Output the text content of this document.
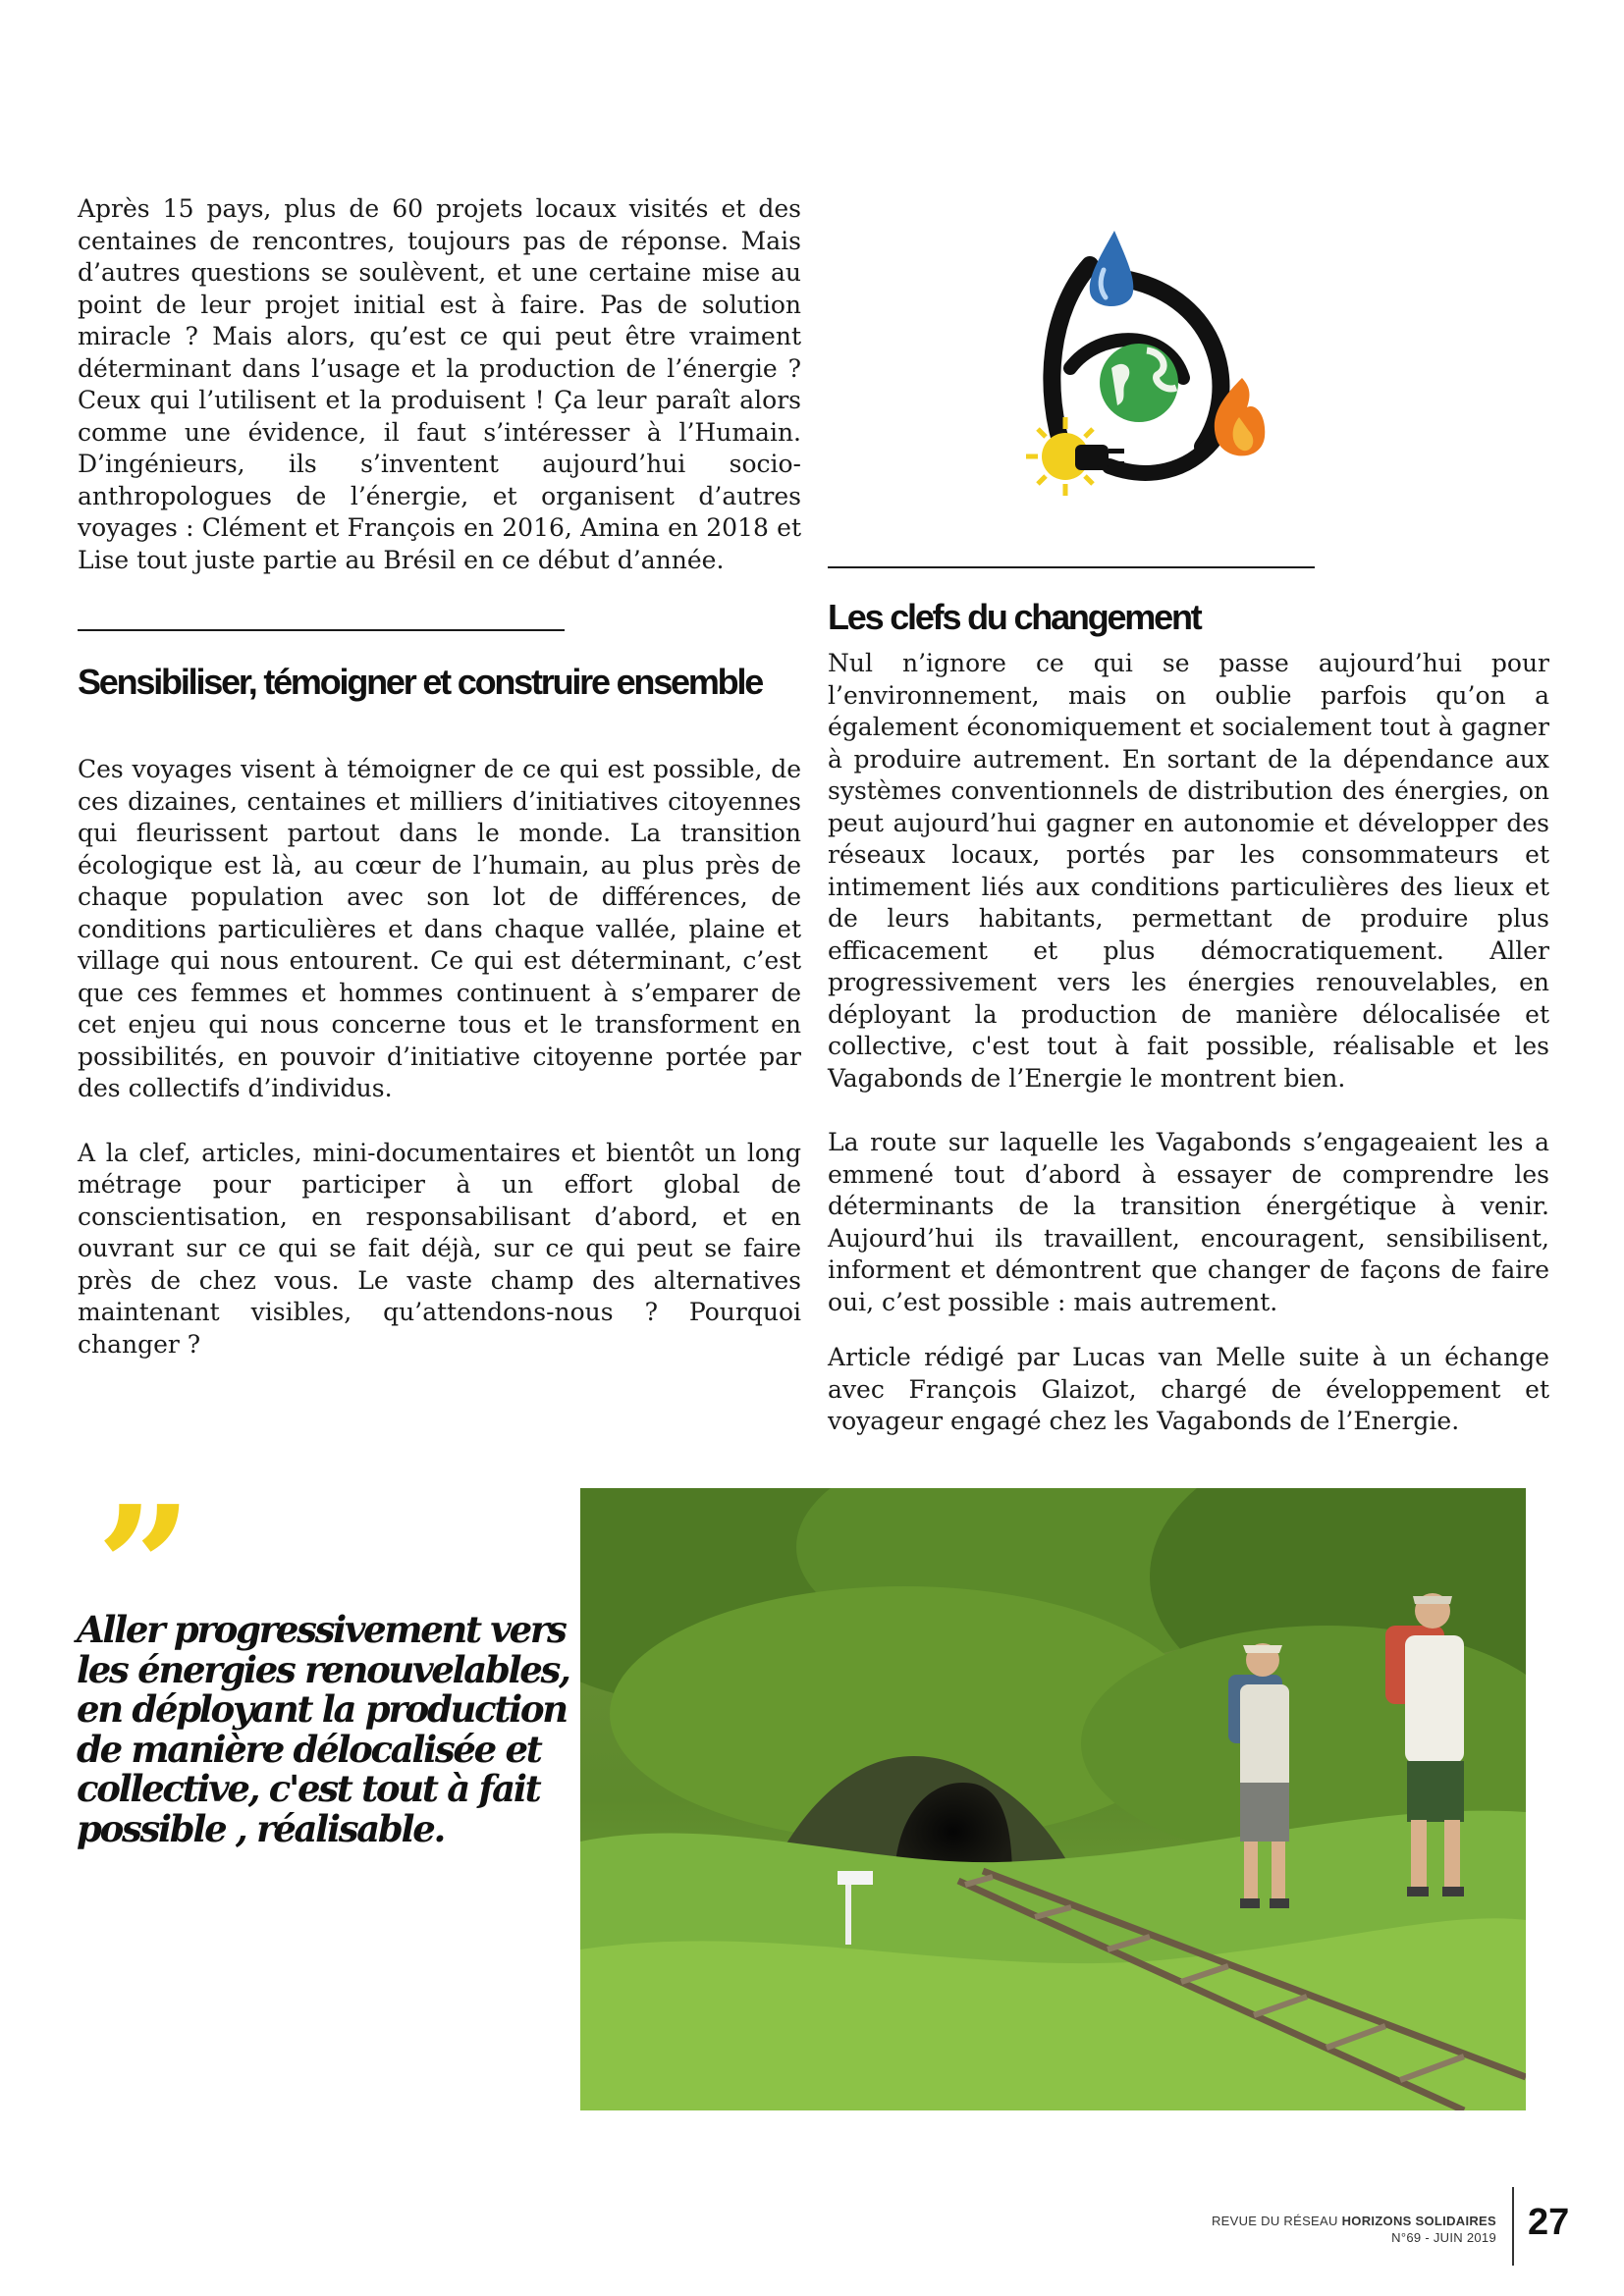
Après 15 pays, plus de 60 projets locaux visités et des centaines de rencontres, toujours pas de réponse. Mais d’autres questions se soulèvent, et une certaine mise au point de leur projet initial est à faire. Pas de solution miracle ? Mais alors, qu’est ce qui peut être vraiment déterminant dans l’usage et la production de l’énergie ? Ceux qui l’utilisent et la produisent ! Ça leur paraît alors comme une évidence, il faut s’intéresser à l’Humain. D’ingénieurs, ils s’inventent aujourd’hui socio-anthropologues de l’énergie, et organisent d’autres voyages : Clément et François en 2016, Amina en 2018 et Lise tout juste partie au Brésil en ce début d’année.

Sensibiliser, témoigner et construire ensemble

Ces voyages visent à témoigner de ce qui est possible, de ces dizaines, centaines et milliers d’initiatives citoyennes qui fleurissent partout dans le monde. La transition écologique est là, au cœur de l’humain, au plus près de chaque population avec son lot de différences, de conditions particulières et dans chaque vallée, plaine et village qui nous entourent. Ce qui est déterminant, c’est que ces femmes et hommes continuent à s’emparer de cet enjeu qui nous concerne tous et le transforment en possibilités, en pouvoir d’initiative citoyenne portée par des collectifs d’individus.

A la clef, articles, mini-documentaires et bientôt un long métrage pour participer à un effort global de conscientisation, en responsabilisant d’abord, et en ouvrant sur ce qui se fait déjà, sur ce qui peut se faire près de chez vous. Le vaste champ des alternatives maintenant visibles, qu’attendons-nous ? Pourquoi changer ?

Les clefs du changement

Nul n’ignore ce qui se passe aujourd’hui pour l’environnement, mais on oublie parfois qu’on a également économiquement et socialement tout à gagner à produire autrement. En sortant de la dépendance aux systèmes conventionnels de distribution des énergies, on peut aujourd’hui gagner en autonomie et développer des réseaux locaux, portés par les consommateurs et intimement liés aux conditions particulières des lieux et de leurs habitants, permettant de produire plus efficacement et plus démocratiquement. Aller progressivement vers les énergies renouvelables, en déployant la production de manière délocalisée et collective, c'est tout à fait possible, réalisable et les Vagabonds de l’Energie le montrent bien.

La route sur laquelle les Vagabonds s’engageaient les a emmené tout d’abord à essayer de comprendre les déterminants de la transition énergétique à venir. Aujourd’hui ils travaillent, encouragent, sensibilisent, informent et démontrent que changer de façons de faire oui, c’est possible : mais autrement.

Article rédigé par Lucas van Melle suite à un échange avec François Glaizot, chargé de éveloppement et voyageur engagé chez les Vagabonds de l’Energie.

”

Aller progressivement vers les énergies renouvelables, en déployant la production de manière délocalisée et collective, c'est tout à fait possible , réalisable.

REVUE DU RÉSEAU HORIZONS SOLIDAIRES
N°69 - JUIN 2019 27
